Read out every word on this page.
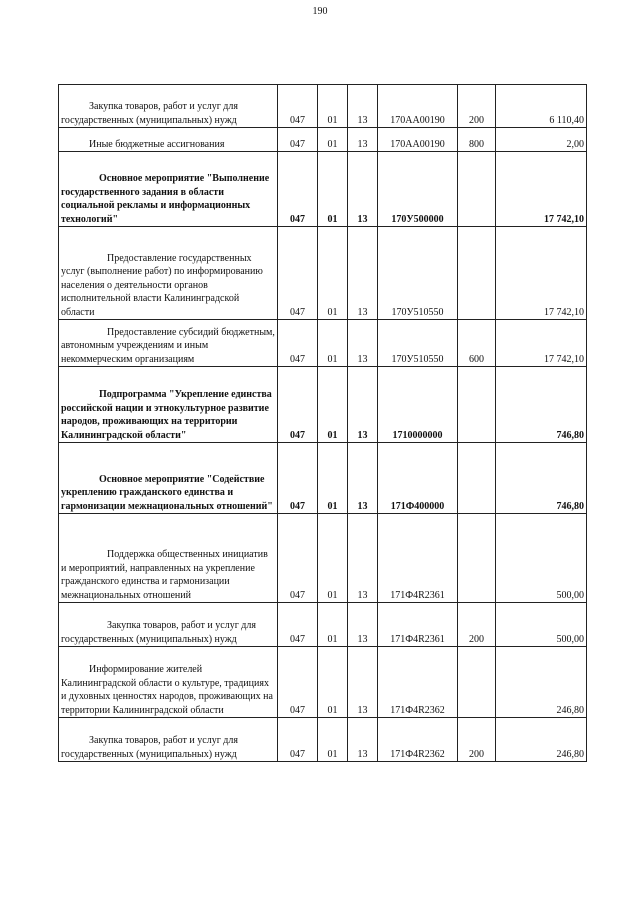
190
Закупка товаров, работ и услуг для государственных (муниципальных) нужд	047	01	13	170АА00190	200	6 110,40
Иные бюджетные ассигнования	047	01	13	170АА00190	800	2,00
Основное мероприятие "Выполнение государственного задания в области социальной рекламы и информационных технологий"	047	01	13	170У500000		17 742,10
Предоставление государственных услуг (выполнение работ) по информированию населения о деятельности органов исполнительной власти Калининградской области	047	01	13	170У510550		17 742,10
Предоставление субсидий бюджетным, автономным учреждениям и иным некоммерческим организациям	047	01	13	170У510550	600	17 742,10
Подпрограмма "Укрепление единства российской нации и этнокультурное развитие народов, проживающих на территории Калининградской области"	047	01	13	1710000000		746,80
Основное мероприятие "Содействие укреплению гражданского единства и гармонизации межнациональных отношений"	047	01	13	171Ф400000		746,80
Поддержка общественных инициатив и мероприятий, направленных на укрепление гражданского единства и гармонизации межнациональных отношений	047	01	13	171Ф4R2361		500,00
Закупка товаров, работ и услуг для государственных (муниципальных) нужд	047	01	13	171Ф4R2361	200	500,00
Информирование жителей Калининградской области о культуре, традициях и духовных ценностях народов, проживающих на территории Калининградской области	047	01	13	171Ф4R2362		246,80
Закупка товаров, работ и услуг для государственных (муниципальных) нужд	047	01	13	171Ф4R2362	200	246,80
